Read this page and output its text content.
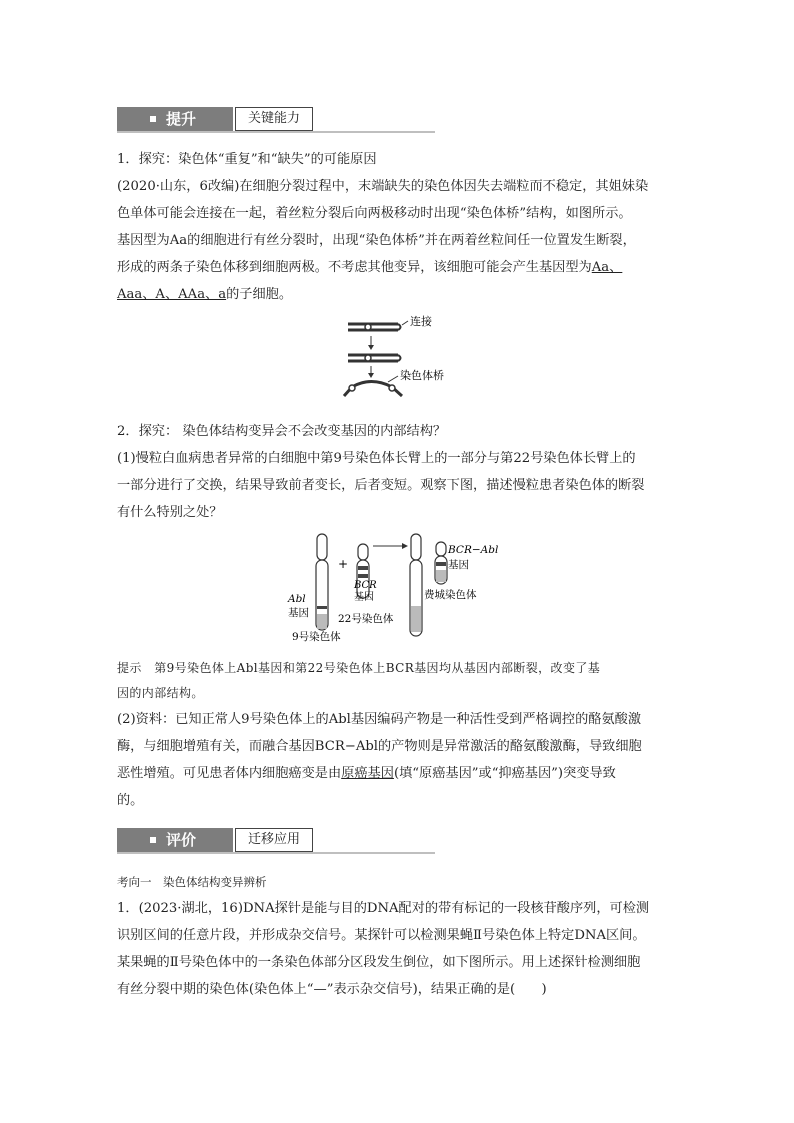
提升	关键能力
1．探究：染色体“重复”和“缺失”的可能原因
(2020·山东，6改编)在细胞分裂过程中，末端缺失的染色体因失去端粒而不稳定，其姐妹染
色单体可能会连接在一起，着丝粒分裂后向两极移动时出现“染色体桥”结构，如图所示。
基因型为Aa的细胞进行有丝分裂时，出现“染色体桥”并在两着丝粒间任一位置发生断裂，
形成的两条子染色体移到细胞两极。不考虑其他变异，该细胞可能会产生基因型为Aa、
Aaa、A、AAa、a的子细胞。
连接
染色体桥
2．探究： 染色体结构变异会不会改变基因的内部结构？
(1)慢粒白血病患者异常的白细胞中第9号染色体长臂上的一部分与第22号染色体长臂上的
一部分进行了交换，结果导致前者变长，后者变短。观察下图，描述慢粒患者染色体的断裂
有什么特别之处？
Abl
基因
9号染色体
+
BCR
基因
22号染色体
BCR−Abl
基因
费城染色体
提示　第9号染色体上Abl基因和第22号染色体上BCR基因均从基因内部断裂，改变了基
因的内部结构。
(2)资料：已知正常人9号染色体上的Abl基因编码产物是一种活性受到严格调控的酪氨酸激
酶，与细胞增殖有关，而融合基因BCR−Abl的产物则是异常激活的酪氨酸激酶，导致细胞
恶性增殖。可见患者体内细胞癌变是由原癌基因(填“原癌基因”或“抑癌基因”)突变导致
的。
评价	迁移应用
考向一　染色体结构变异辨析
1．(2023·湖北，16)DNA探针是能与目的DNA配对的带有标记的一段核苷酸序列，可检测
识别区间的任意片段，并形成杂交信号。某探针可以检测果蝇Ⅱ号染色体上特定DNA区间。
某果蝇的Ⅱ号染色体中的一条染色体部分区段发生倒位，如下图所示。用上述探针检测细胞
有丝分裂中期的染色体(染色体上“—”表示杂交信号)，结果正确的是(　　)
